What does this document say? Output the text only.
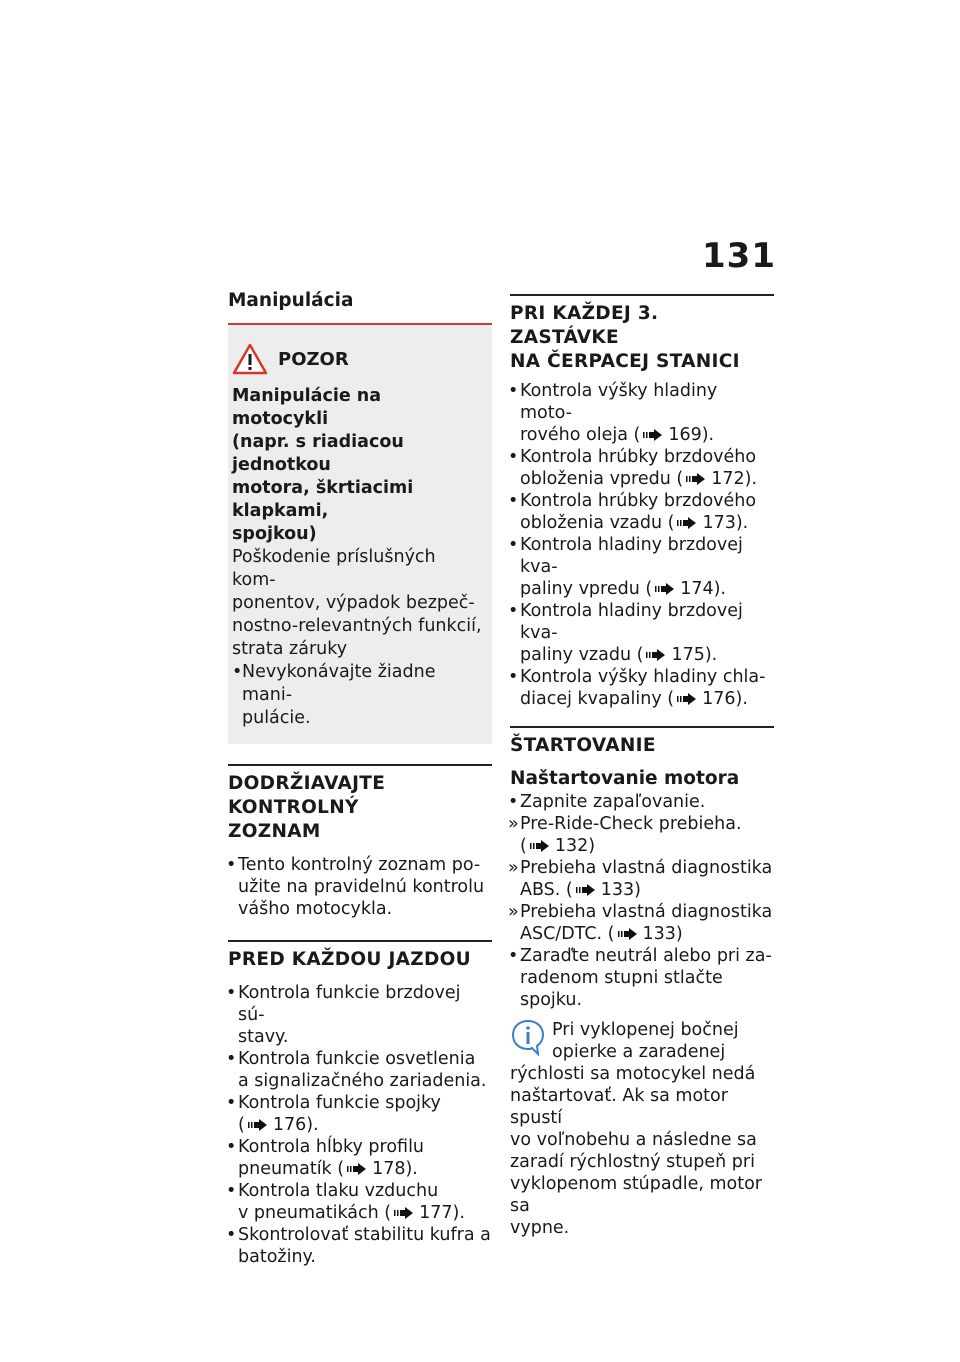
131

Manipulácia

POZOR
Manipulácie na motocykli
(napr. s riadiacou jednotkou
motora, škrtiacimi klapkami,
spojkou)
Poškodenie príslušných kom-
ponentov, výpadok bezpeč-
nostno-relevantných funkcií,
strata záruky
• Nevykonávajte žiadne mani-
pulácie.

DODRŽIAVAJTE KONTROLNÝ
ZOZNAM

• Tento kontrolný zoznam po-
užite na pravidelnú kontrolu
vášho motocykla.

PRED KAŽDOU JAZDOU

• Kontrola funkcie brzdovej sú-
stavy.
• Kontrola funkcie osvetlenia
a signalizačného zariadenia.
• Kontrola funkcie spojky
( 176).
• Kontrola hĺbky profilu
pneumatík ( 178).
• Kontrola tlaku vzduchu
v pneumatikách ( 177).
• Skontrolovať stabilitu kufra a
batožiny.

PRI KAŽDEJ 3. ZASTÁVKE
NA ČERPACEJ STANICI

• Kontrola výšky hladiny moto-
rového oleja ( 169).
• Kontrola hrúbky brzdového
obloženia vpredu ( 172).
• Kontrola hrúbky brzdového
obloženia vzadu ( 173).
• Kontrola hladiny brzdovej kva-
paliny vpredu ( 174).
• Kontrola hladiny brzdovej kva-
paliny vzadu ( 175).
• Kontrola výšky hladiny chla-
diacej kvapaliny ( 176).

ŠTARTOVANIE

Naštartovanie motora

• Zapnite zapaľovanie.
» Pre-Ride-Check prebieha.
( 132)
» Prebieha vlastná diagnostika
ABS. ( 133)
» Prebieha vlastná diagnostika
ASC/DTC. ( 133)
• Zaraďte neutrál alebo pri za-
radenom stupni stlačte spojku.
Pri vyklopenej bočnej
opierke a zaradenej
rýchlosti sa motocykel nedá
naštartovať. Ak sa motor spustí
vo voľnobehu a následne sa
zaradí rýchlostný stupeň pri
vyklopenom stúpadle, motor sa
vypne.
